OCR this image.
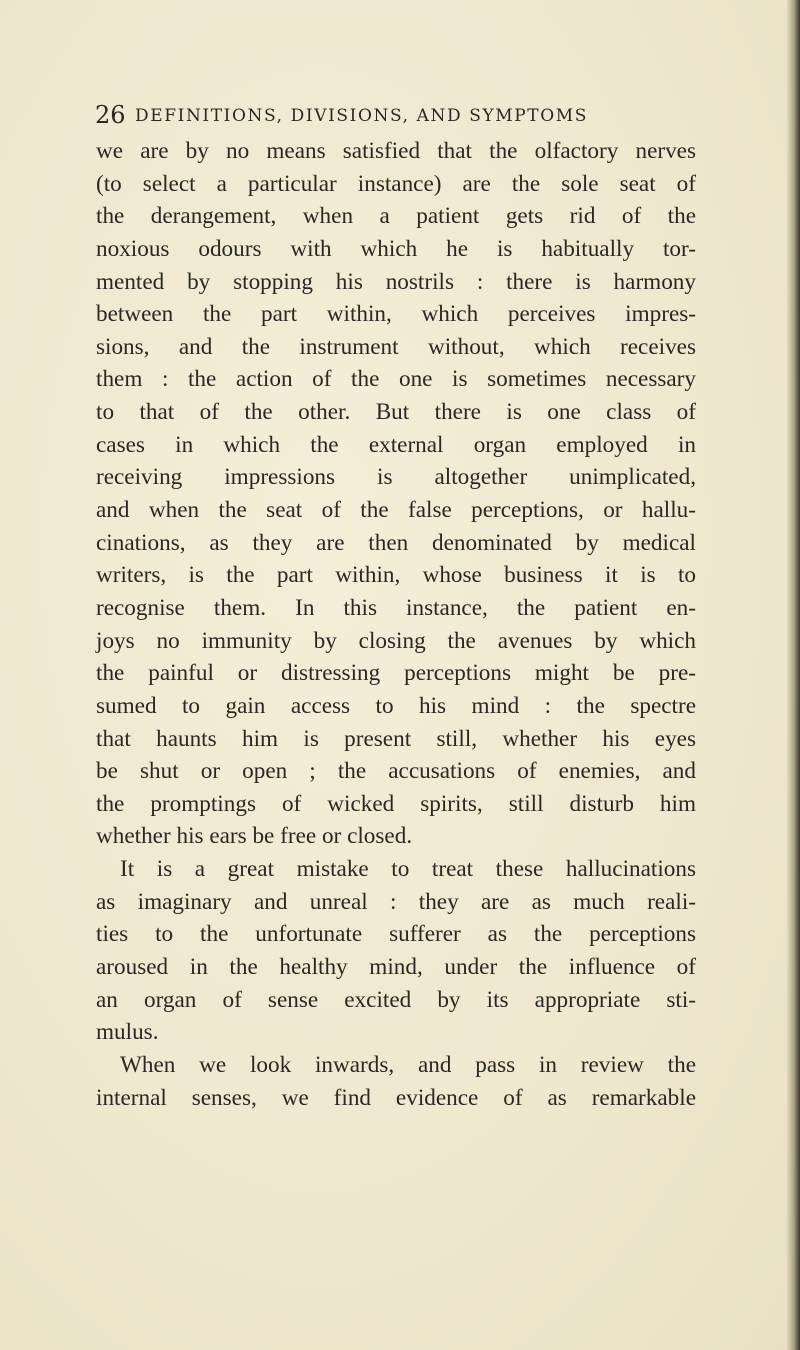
26 DEFINITIONS, DIVISIONS, AND SYMPTOMS
we are by no means satisfied that the olfactory nerves
(to select a particular instance) are the sole seat of
the derangement, when a patient gets rid of the
noxious odours with which he is habitually tor-
mented by stopping his nostrils : there is harmony
between the part within, which perceives impres-
sions, and the instrument without, which receives
them : the action of the one is sometimes necessary
to that of the other. But there is one class of
cases in which the external organ employed in
receiving impressions is altogether unimplicated,
and when the seat of the false perceptions, or hallu-
cinations, as they are then denominated by medical
writers, is the part within, whose business it is to
recognise them. In this instance, the patient en-
joys no immunity by closing the avenues by which
the painful or distressing perceptions might be pre-
sumed to gain access to his mind : the spectre
that haunts him is present still, whether his eyes
be shut or open ; the accusations of enemies, and
the promptings of wicked spirits, still disturb him
whether his ears be free or closed.
It is a great mistake to treat these hallucinations
as imaginary and unreal : they are as much reali-
ties to the unfortunate sufferer as the perceptions
aroused in the healthy mind, under the influence of
an organ of sense excited by its appropriate sti-
mulus.
When we look inwards, and pass in review the
internal senses, we find evidence of as remarkable
